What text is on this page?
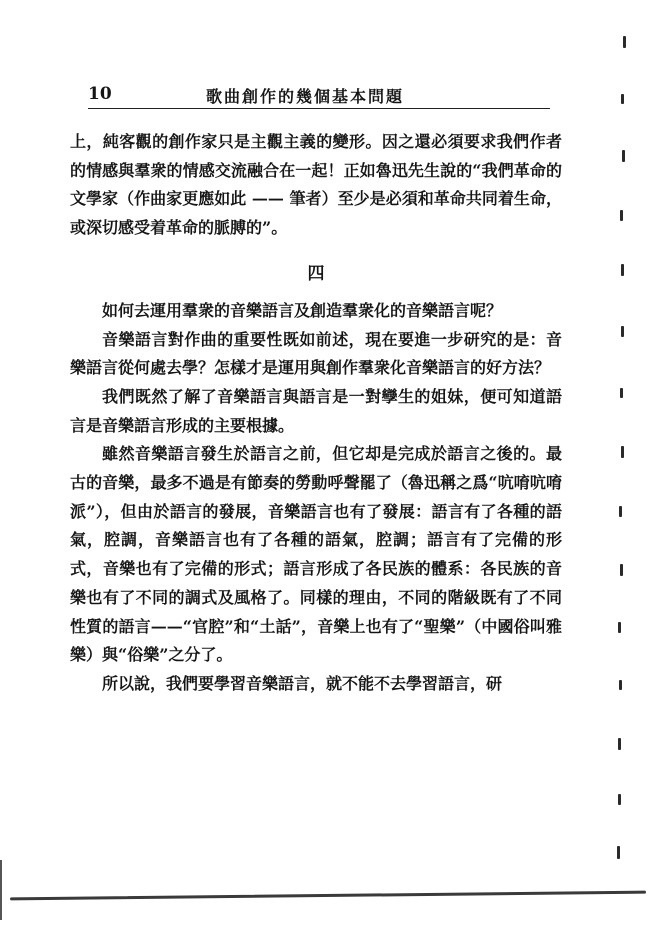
10	歌曲創作的幾個基本問題

上，純客觀的創作家只是主觀主義的變形。因之還必須要求我們作者的情感與羣衆的情感交流融合在一起！正如魯迅先生說的“我們革命的文學家（作曲家更應如此 —— 筆者）至少是必須和革命共同着生命，或深切感受着革命的脈膊的”。

四

如何去運用羣衆的音樂語言及創造羣衆化的音樂語言呢？

音樂語言對作曲的重要性既如前述，現在要進一步研究的是：音樂語言從何處去學？怎樣才是運用與創作羣衆化音樂語言的好方法？

我們既然了解了音樂語言與語言是一對孿生的姐妹，便可知道語言是音樂語言形成的主要根據。

雖然音樂語言發生於語言之前，但它却是完成於語言之後的。最古的音樂，最多不過是有節奏的勞動呼聲罷了（魯迅稱之爲“吭唷吭唷派”），但由於語言的發展，音樂語言也有了發展：語言有了各種的語氣，腔調，音樂語言也有了各種的語氣，腔調；語言有了完備的形式，音樂也有了完備的形式；語言形成了各民族的體系：各民族的音樂也有了不同的調式及風格了。同樣的理由，不同的階級既有了不同性質的語言——“官腔”和“土話”，音樂上也有了“聖樂”（中國俗叫雅樂）與“俗樂”之分了。

所以說，我們要學習音樂語言，就不能不去學習語言，研
